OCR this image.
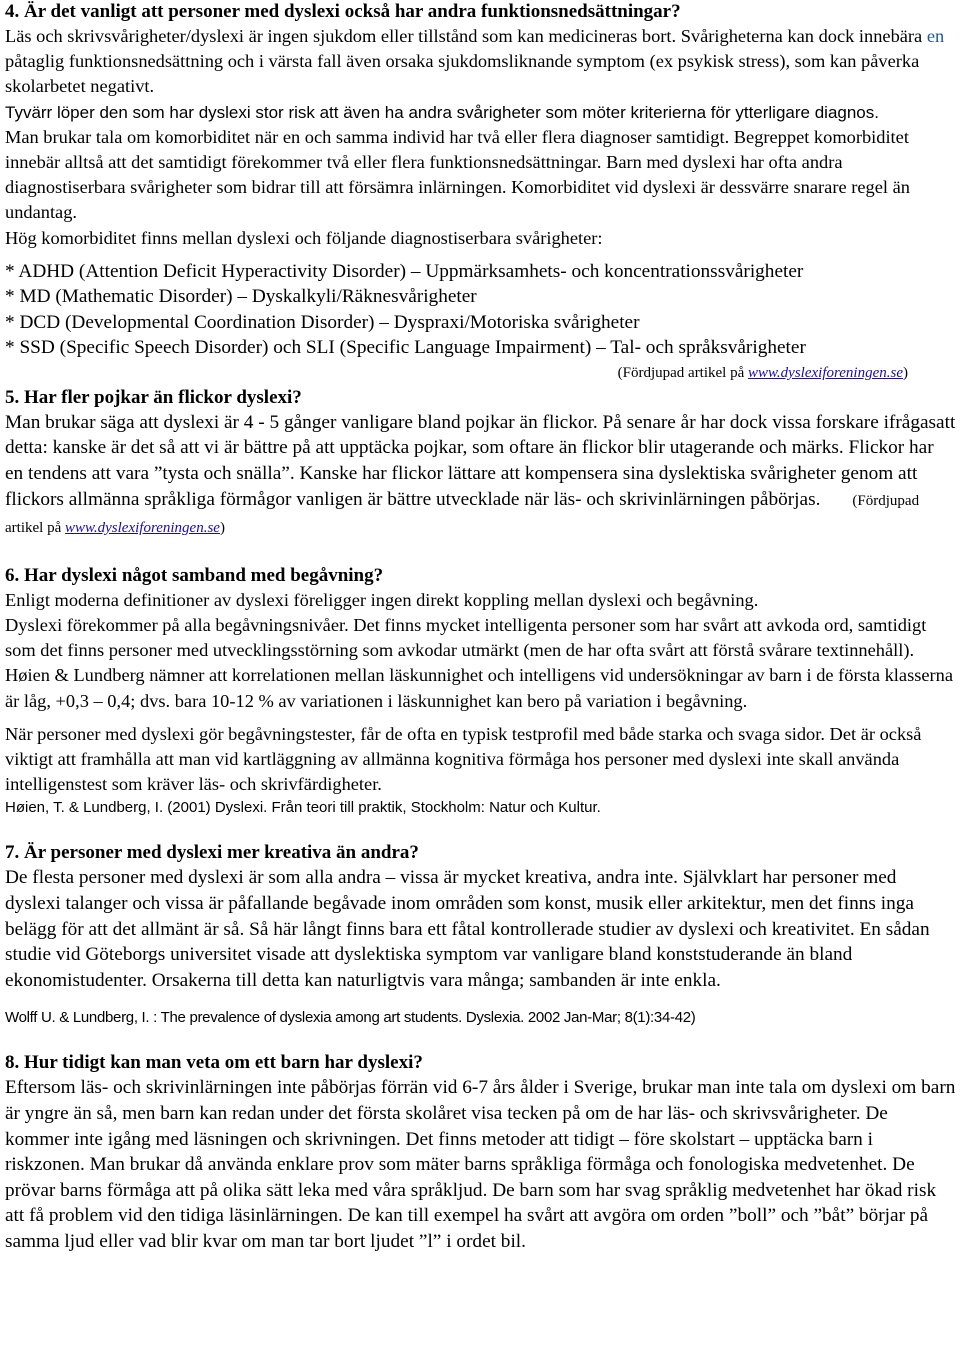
4. Är det vanligt att personer med dyslexi också har andra funktionsnedsättningar?

Läs och skrivsvårigheter/dyslexi är ingen sjukdom eller tillstånd som kan medicineras bort. Svårigheterna kan dock innebära en påtaglig funktionsnedsättning och i värsta fall även orsaka sjukdomsliknande symptom (ex psykisk stress), som kan påverka skolarbetet negativt.

Tyvärr löper den som har dyslexi stor risk att även ha andra svårigheter som möter kriterierna för ytterligare diagnos.

Man brukar tala om komorbiditet när en och samma individ har två eller flera diagnoser samtidigt. Begreppet komorbiditet innebär alltså att det samtidigt förekommer två eller flera funktionsnedsättningar. Barn med dyslexi har ofta andra diagnostiserbara svårigheter som bidrar till att försämra inlärningen. Komorbiditet vid dyslexi är dessvärre snarare regel än undantag.

Hög komorbiditet finns mellan dyslexi och följande diagnostiserbara svårigheter:

* ADHD (Attention Deficit Hyperactivity Disorder) – Uppmärksamhets- och koncentrationssvårigheter

* MD (Mathematic Disorder) – Dyskalkyli/Räknesvårigheter

* DCD (Developmental Coordination Disorder) – Dyspraxi/Motoriska svårigheter

* SSD (Specific Speech Disorder) och SLI (Specific Language Impairment) – Tal- och språksvårigheter

(Fördjupad artikel på www.dyslexiforeningen.se)

5. Har fler pojkar än flickor dyslexi?

Man brukar säga att dyslexi är 4 - 5 gånger vanligare bland pojkar än flickor. På senare år har dock vissa forskare ifrågasatt detta: kanske är det så att vi är bättre på att upptäcka pojkar, som oftare än flickor blir utagerande och märks. Flickor har en tendens att vara ”tysta och snälla”. Kanske har flickor lättare att kompensera sina dyslektiska svårigheter genom att flickors allmänna språkliga förmågor vanligen är bättre utvecklade när läs- och skrivinlärningen påbörjas. (Fördjupad artikel på www.dyslexiforeningen.se)

6. Har dyslexi något samband med begåvning?

Enligt moderna definitioner av dyslexi föreligger ingen direkt koppling mellan dyslexi och begåvning.

Dyslexi förekommer på alla begåvningsnivåer. Det finns mycket intelligenta personer som har svårt att avkoda ord, samtidigt som det finns personer med utvecklingsstörning som avkodar utmärkt (men de har ofta svårt att förstå svårare textinnehåll). Høien & Lundberg nämner att korrelationen mellan läskunnighet och intelligens vid undersökningar av barn i de första klasserna är låg, +0,3 – 0,4; dvs. bara 10-12 % av variationen i läskunnighet kan bero på variation i begåvning.

När personer med dyslexi gör begåvningstester, får de ofta en typisk testprofil med både starka och svaga sidor. Det är också viktigt att framhålla att man vid kartläggning av allmänna kognitiva förmåga hos personer med dyslexi inte skall använda intelligenstest som kräver läs- och skrivfärdigheter.

Høien, T. & Lundberg, I. (2001) Dyslexi. Från teori till praktik, Stockholm: Natur och Kultur.

7. Är personer med dyslexi mer kreativa än andra?

De flesta personer med dyslexi är som alla andra – vissa är mycket kreativa, andra inte. Självklart har personer med dyslexi talanger och vissa är påfallande begåvade inom områden som konst, musik eller arkitektur, men det finns inga belägg för att det allmänt är så. Så här långt finns bara ett fåtal kontrollerade studier av dyslexi och kreativitet. En sådan studie vid Göteborgs universitet visade att dyslektiska symptom var vanligare bland konststuderande än bland ekonomistudenter. Orsakerna till detta kan naturligtvis vara många; sambanden är inte enkla.

Wolff U. & Lundberg, I. : The prevalence of dyslexia among art students. Dyslexia. 2002 Jan-Mar; 8(1):34-42)

8. Hur tidigt kan man veta om ett barn har dyslexi?

Eftersom läs- och skrivinlärningen inte påbörjas förrän vid 6-7 års ålder i Sverige, brukar man inte tala om dyslexi om barn är yngre än så, men barn kan redan under det första skolåret visa tecken på om de har läs- och skrivsvårigheter. De kommer inte igång med läsningen och skrivningen. Det finns metoder att tidigt – före skolstart – upptäcka barn i riskzonen. Man brukar då använda enklare prov som mäter barns språkliga förmåga och fonologiska medvetenhet. De prövar barns förmåga att på olika sätt leka med våra språkljud. De barn som har svag språklig medvetenhet har ökad risk att få problem vid den tidiga läsinlärningen. De kan till exempel ha svårt att avgöra om orden ”boll” och ”båt” börjar på samma ljud eller vad blir kvar om man tar bort ljudet ”l” i ordet bil.
